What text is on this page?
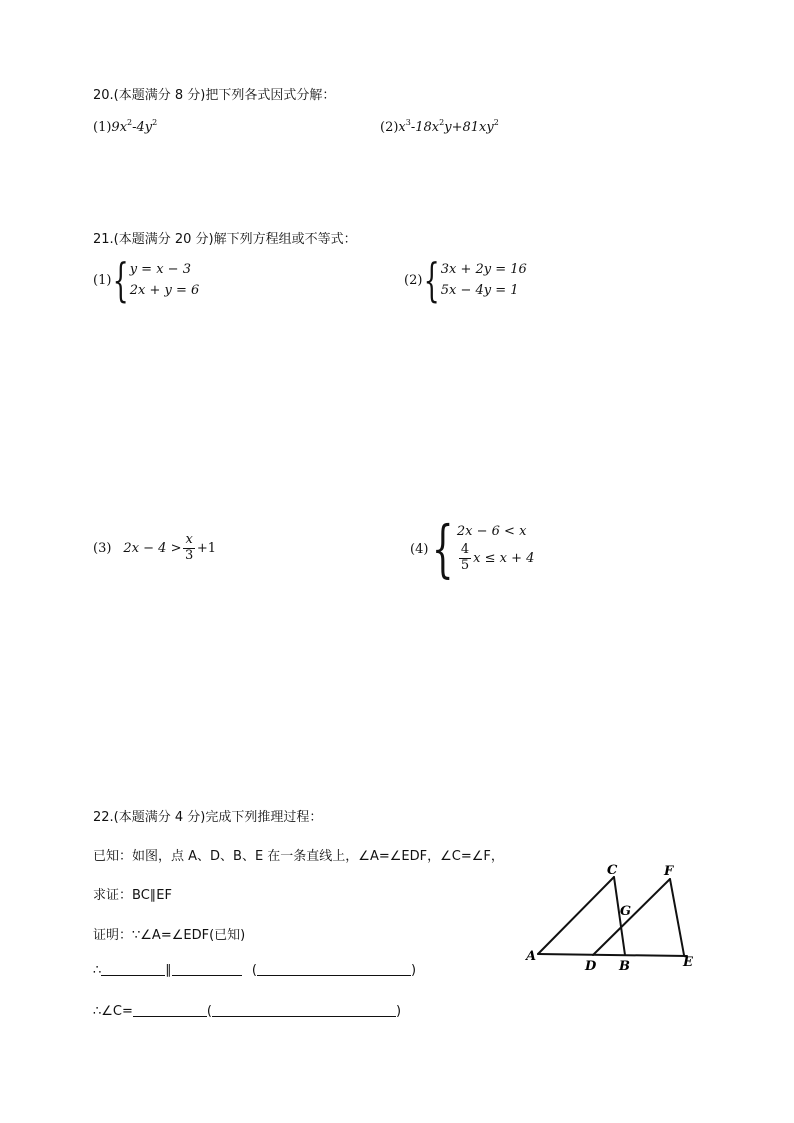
20.(本题满分 8 分)把下列各式因式分解：
$(1)9x^2-4y^2$	$(2)x^3-18x^2y+81xy^2$
21.(本题满分 20 分)解下列方程组或不等式：
(1) { y = x − 3
2x + y = 6
(2) { 3x + 2y = 16
5x − 4y = 1
(3) $2x - 4 > \frac{x}{3} +1$	(4) { 2x − 6 < x
$\frac{4}{5}$ x ≤ x + 4
22.(本题满分 4 分)完成下列推理过程：
已知：如图，点 A、D、B、E 在一条直线上，∠A=∠EDF，∠C=∠F，
求证：BC∥EF
证明：∵∠A=∠EDF(已知)
∴	∥	(	)
∴∠C=	(	)
A
C	F
G
D B	E
